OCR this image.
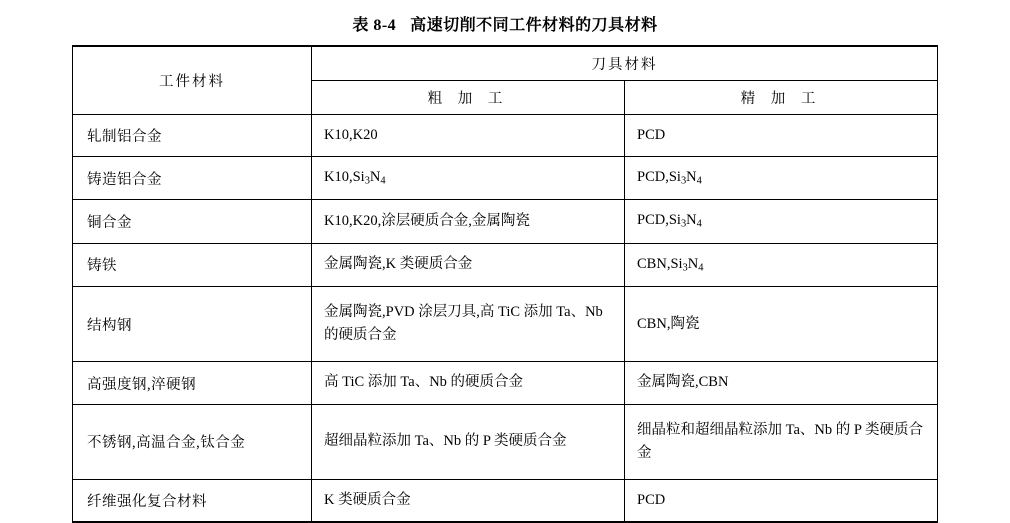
表 8-4 高速切削不同工件材料的刀具材料
工件材料	刀具材料	
	粗 加 工	精 加 工
轧制铝合金	K10,K20	PCD
铸造铝合金	$K10,Si_3N_4$	$PCD,Si_3N_4$
铜合金	K10,K20,涂层硬质合金,金属陶瓷	$PCD,Si_3N_4$
铸铁	金属陶瓷,K 类硬质合金	$CBN,Si_3N_4$
结构钢	金属陶瓷,PVD 涂层刀具,高 TiC 添加 Ta、Nb 的硬质合金	CBN,陶瓷
高强度钢,淬硬钢	高 TiC 添加 Ta、Nb 的硬质合金	金属陶瓷,CBN
不锈钢,高温合金,钛合金	超细晶粒添加 Ta、Nb 的 P 类硬质合金	细晶粒和超细晶粒添加 Ta、Nb 的 P 类硬质合金
纤维强化复合材料	K 类硬质合金	PCD
